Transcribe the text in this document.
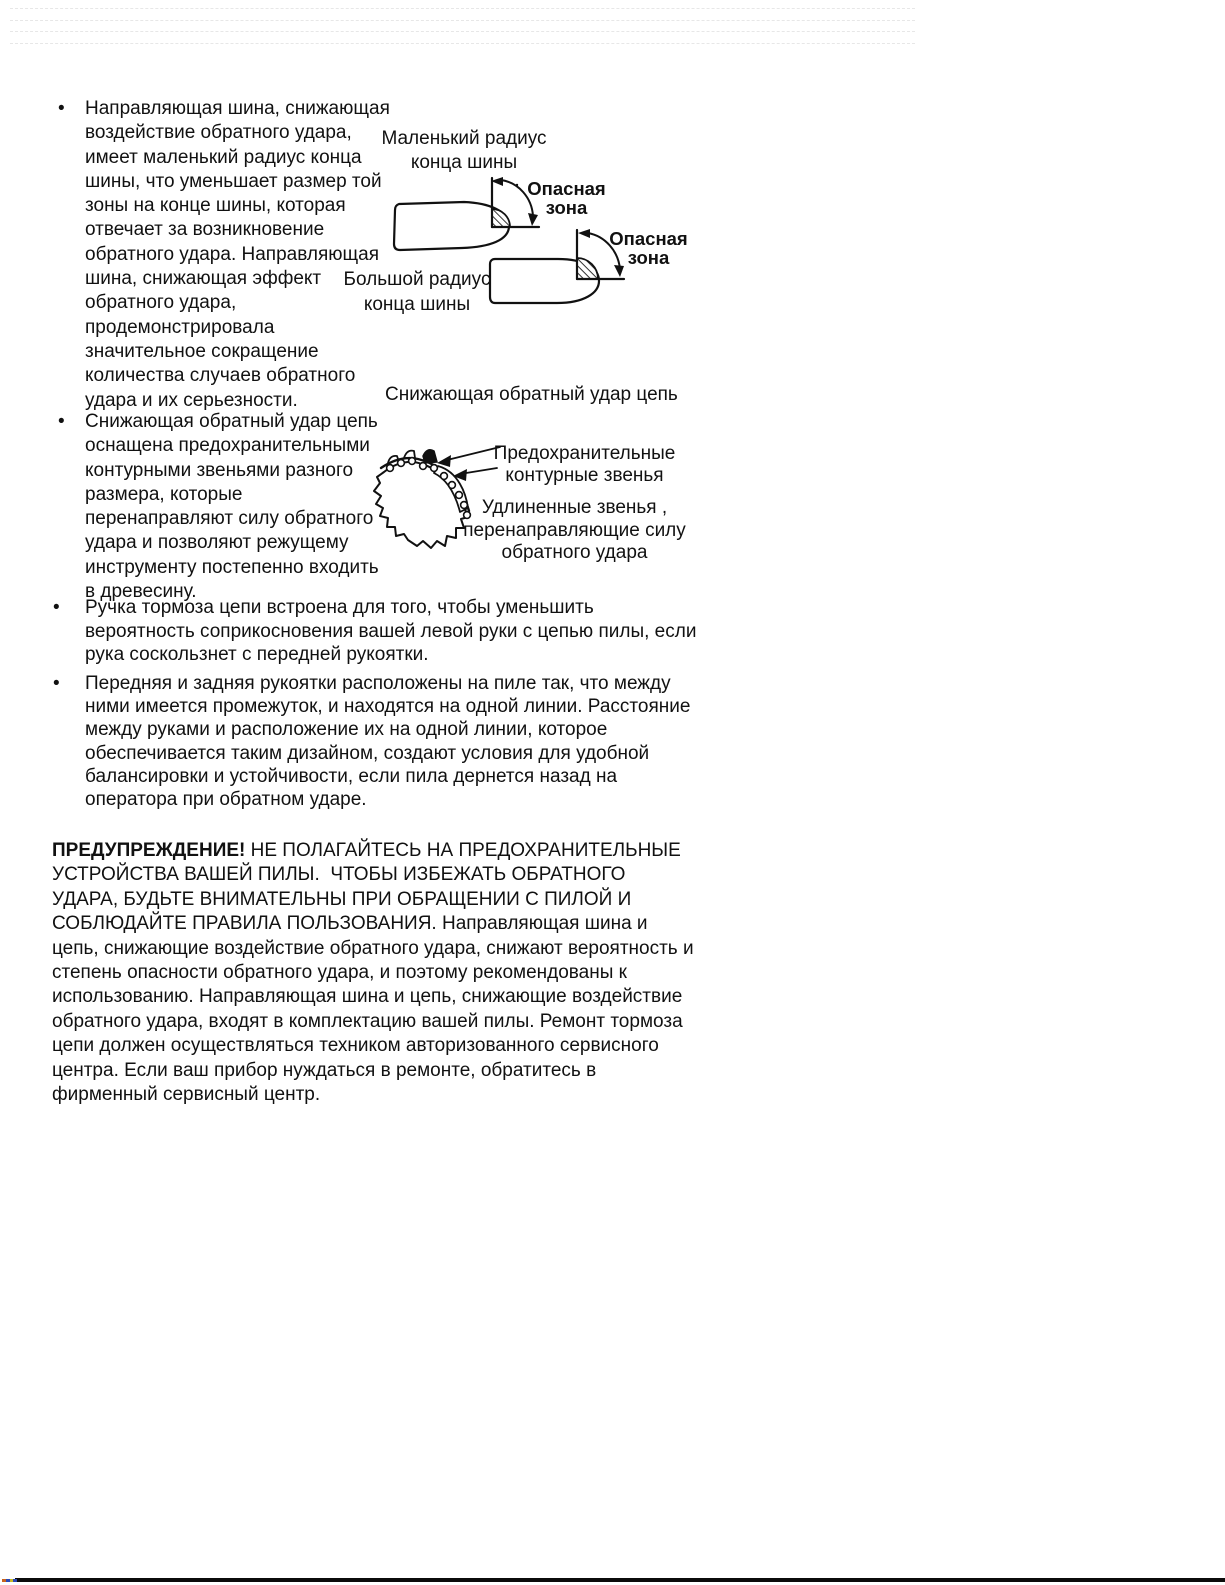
•
•
•
•
Направляющая шина, снижающая
воздействие обратного удара,
имеет маленький радиус конца
шины, что уменьшает размер той
зоны на конце шины, которая
отвечает за возникновение
обратного удара. Направляющая
шина, снижающая эффект
обратного удара,
продемонстрировала
значительное сокращение
количества случаев обратного
удара и их серьезности.
Снижающая обратный удар цепь
оснащена предохранительными
контурными звеньями разного
размера, которые
перенаправляют силу обратного
удара и позволяют режущему
инструменту постепенно входить
в древесину.
Ручка тормоза цепи встроена для того, чтобы уменьшить
вероятность соприкосновения вашей левой руки с цепью пилы, если
рука соскользнет с передней рукоятки.
Передняя и задняя рукоятки расположены на пиле так, что между
ними имеется промежуток, и находятся на одной линии. Расстояние
между руками и расположение их на одной линии, которое
обеспечивается таким дизайном, создают условия для удобной
балансировки и устойчивости, если пила дернется назад на
оператора при обратном ударе.
ПРЕДУПРЕЖДЕНИЕ! НЕ ПОЛАГАЙТЕСЬ НА ПРЕДОХРАНИТЕЛЬНЫЕ
УСТРОЙСТВА ВАШЕЙ ПИЛЫ.  ЧТОБЫ ИЗБЕЖАТЬ ОБРАТНОГО
УДАРА, БУДЬТЕ ВНИМАТЕЛЬНЫ ПРИ ОБРАЩЕНИИ С ПИЛОЙ И
СОБЛЮДАЙТЕ ПРАВИЛА ПОЛЬЗОВАНИЯ. Направляющая шина и
цепь, снижающие воздействие обратного удара, снижают вероятность и
степень опасности обратного удара, и поэтому рекомендованы к
использованию. Направляющая шина и цепь, снижающие воздействие
обратного удара, входят в комплектацию вашей пилы. Ремонт тормоза
цепи должен осуществляться техником авторизованного сервисного
центра. Если ваш прибор нуждаться в ремонте, обратитесь в
фирменный сервисный центр.
Маленький радиус
конца шины
Опасная
зона
Опасная
зона
Большой радиус
конца шины
Снижающая обратный удар цепь
Предохранительные
контурные звенья
Удлиненные звенья ,
перенаправляющие силу
обратного удара
